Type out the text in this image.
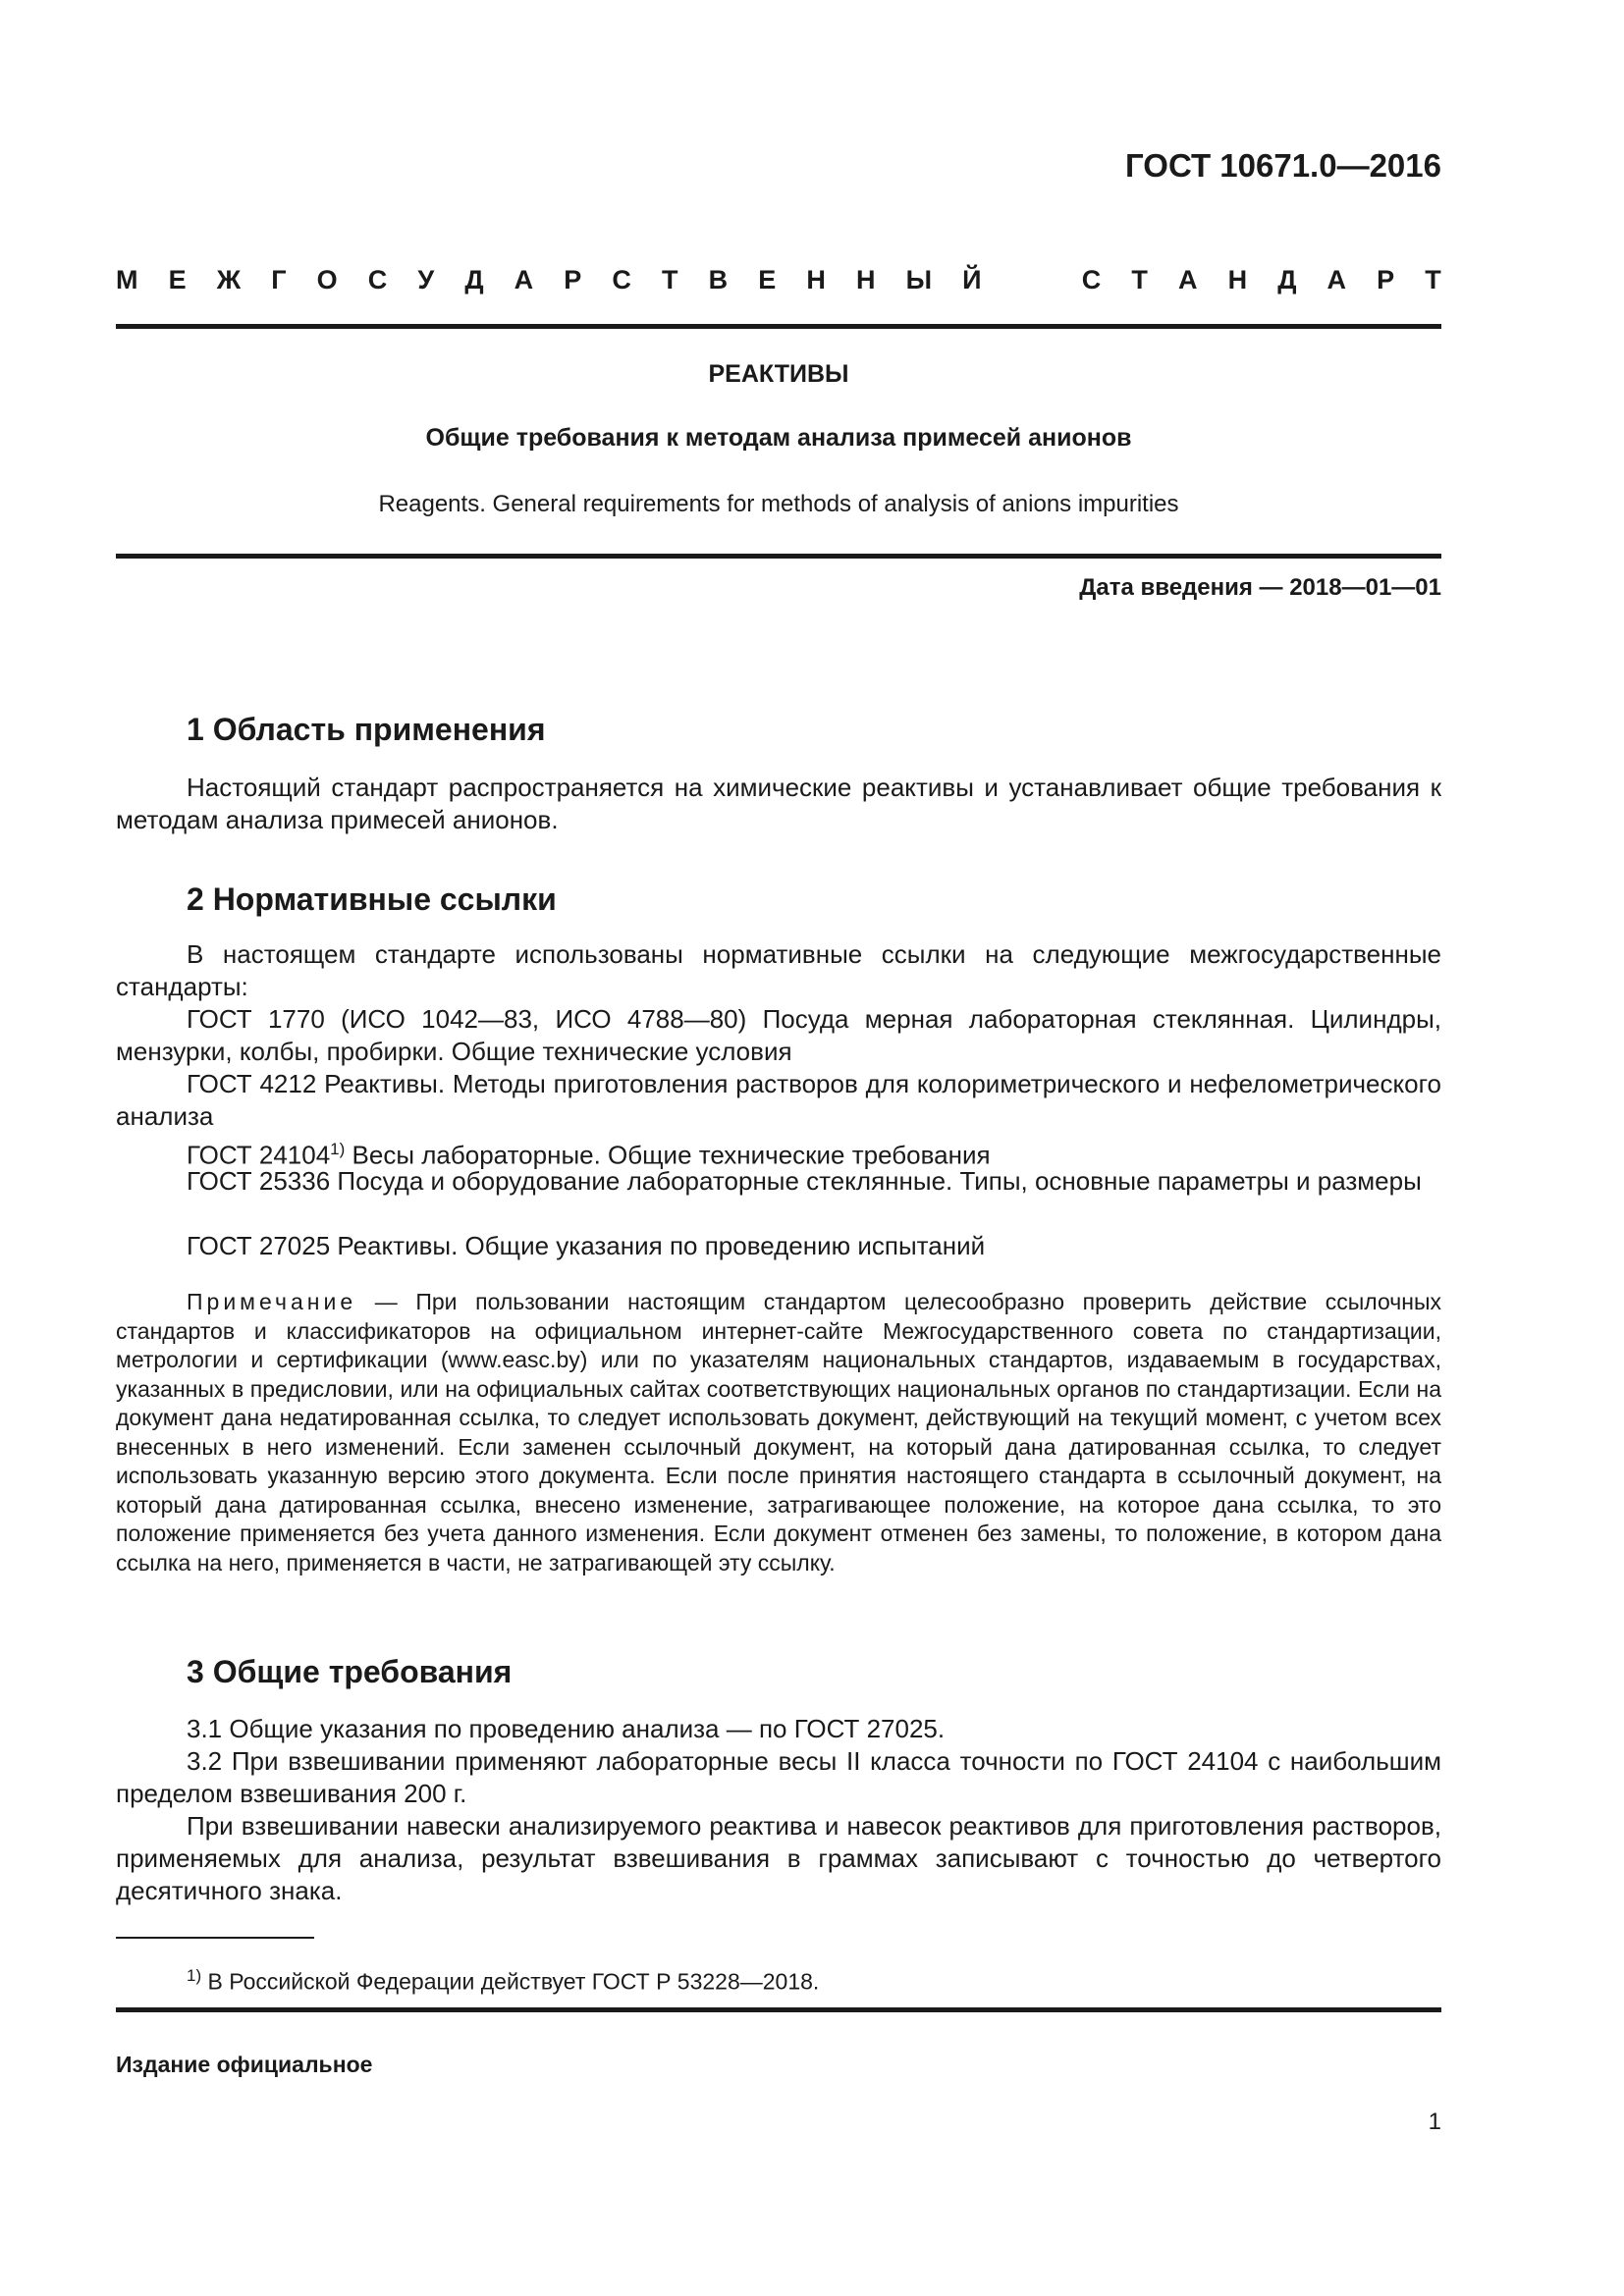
ГОСТ 10671.0—2016
М Е Ж Г О С У Д А Р С Т В Е Н Н Ы Й	С Т А Н Д А Р Т
РЕАКТИВЫ
Общие требования к методам анализа примесей анионов
Reagents. General requirements for methods of analysis of anions impurities
Дата введения — 2018—01—01
1 Область применения
Настоящий стандарт распространяется на химические реактивы и устанавливает общие требования к методам анализа примесей анионов.
2 Нормативные ссылки
В настоящем стандарте использованы нормативные ссылки на следующие межгосударственные стандарты:
ГОСТ 1770 (ИСО 1042—83, ИСО 4788—80) Посуда мерная лабораторная стеклянная. Цилиндры, мензурки, колбы, пробирки. Общие технические условия
ГОСТ 4212 Реактивы. Методы приготовления растворов для колориметрического и нефелометрического анализа
ГОСТ 24104$^{1)}$ Весы лабораторные. Общие технические требования
ГОСТ 25336 Посуда и оборудование лабораторные стеклянные. Типы, основные параметры и размеры
ГОСТ 27025 Реактивы. Общие указания по проведению испытаний
Примечание — При пользовании настоящим стандартом целесообразно проверить действие ссылочных стандартов и классификаторов на официальном интернет-сайте Межгосударственного совета по стандартизации, метрологии и сертификации (www.easc.by) или по указателям национальных стандартов, издаваемым в государствах, указанных в предисловии, или на официальных сайтах соответствующих национальных органов по стандартизации. Если на документ дана недатированная ссылка, то следует использовать документ, действующий на текущий момент, с учетом всех внесенных в него изменений. Если заменен ссылочный документ, на который дана датированная ссылка, то следует использовать указанную версию этого документа. Если после принятия настоящего стандарта в ссылочный документ, на который дана датированная ссылка, внесено изменение, затрагивающее положение, на которое дана ссылка, то это положение применяется без учета данного изменения. Если документ отменен без замены, то положение, в котором дана ссылка на него, применяется в части, не затрагивающей эту ссылку.
3 Общие требования
3.1 Общие указания по проведению анализа — по ГОСТ 27025.
3.2 При взвешивании применяют лабораторные весы II класса точности по ГОСТ 24104 с наибольшим пределом взвешивания 200 г.
При взвешивании навески анализируемого реактива и навесок реактивов для приготовления растворов, применяемых для анализа, результат взвешивания в граммах записывают с точностью до четвертого десятичного знака.
$^{1)}$ В Российской Федерации действует ГОСТ Р 53228—2018.
Издание официальное
1
